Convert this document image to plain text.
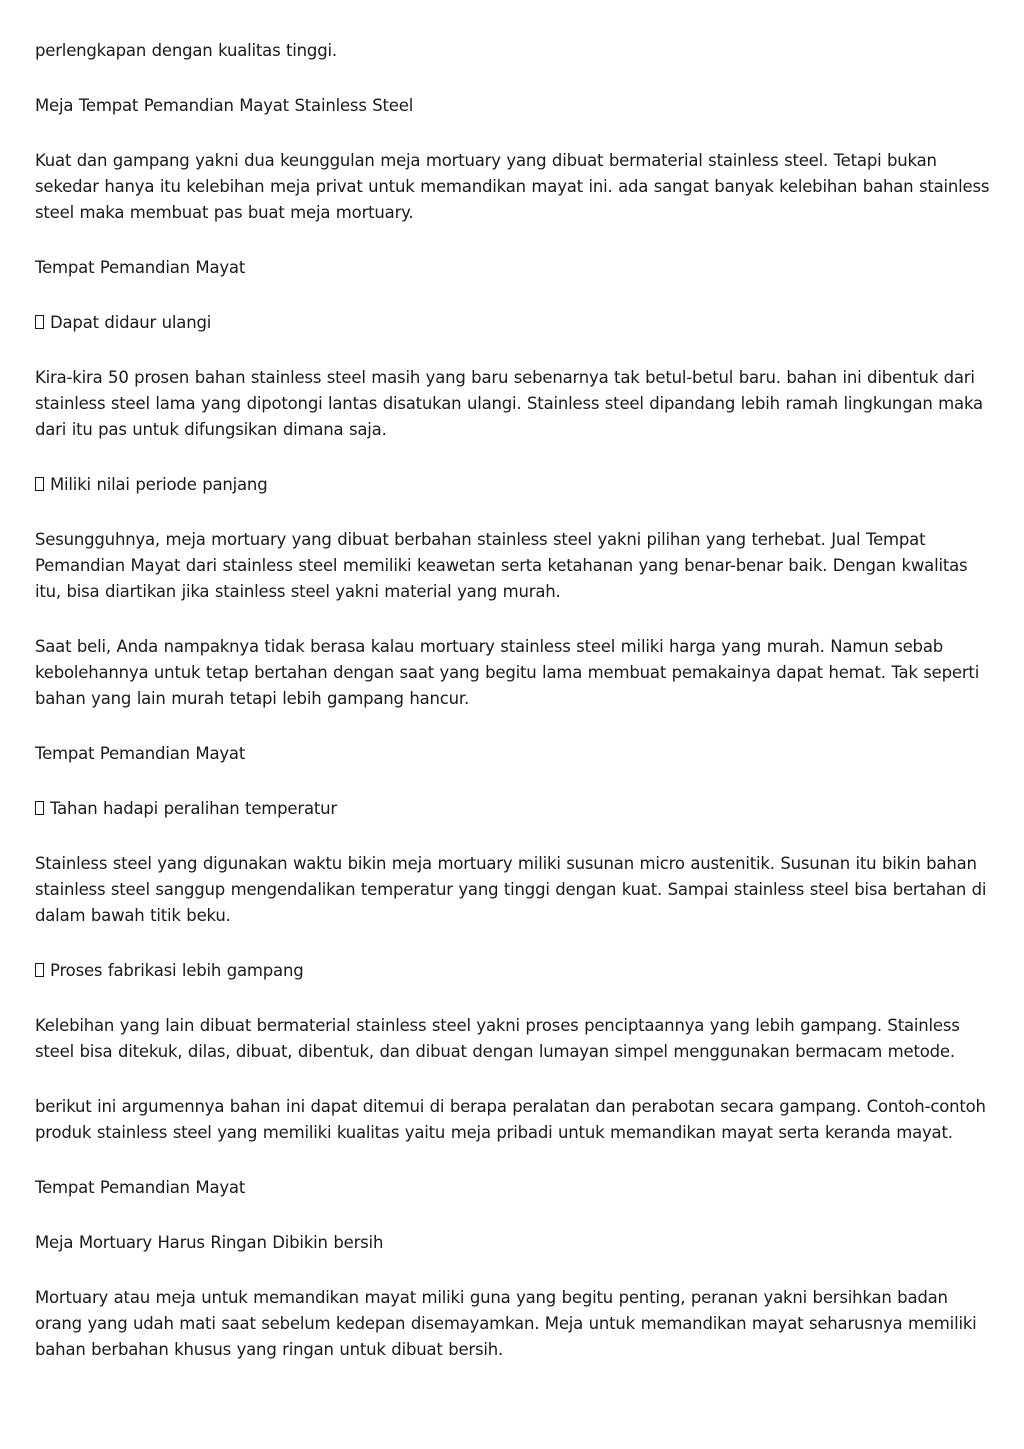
perlengkapan dengan kualitas tinggi.

Meja Tempat Pemandian Mayat Stainless Steel

Kuat dan gampang yakni dua keunggulan meja mortuary yang dibuat bermaterial stainless steel. Tetapi bukan sekedar hanya itu kelebihan meja privat untuk memandikan mayat ini. ada sangat banyak kelebihan bahan stainless steel maka membuat pas buat meja mortuary.

Tempat Pemandian Mayat

Dapat didaur ulangi

Kira-kira 50 prosen bahan stainless steel masih yang baru sebenarnya tak betul-betul baru. bahan ini dibentuk dari stainless steel lama yang dipotongi lantas disatukan ulangi. Stainless steel dipandang lebih ramah lingkungan maka dari itu pas untuk difungsikan dimana saja.

Miliki nilai periode panjang

Sesungguhnya, meja mortuary yang dibuat berbahan stainless steel yakni pilihan yang terhebat. Jual Tempat Pemandian Mayat dari stainless steel memiliki keawetan serta ketahanan yang benar-benar baik. Dengan kwalitas itu, bisa diartikan jika stainless steel yakni material yang murah.

Saat beli, Anda nampaknya tidak berasa kalau mortuary stainless steel miliki harga yang murah. Namun sebab kebolehannya untuk tetap bertahan dengan saat yang begitu lama membuat pemakainya dapat hemat. Tak seperti bahan yang lain murah tetapi lebih gampang hancur.

Tempat Pemandian Mayat

Tahan hadapi peralihan temperatur

Stainless steel yang digunakan waktu bikin meja mortuary miliki susunan micro austenitik. Susunan itu bikin bahan stainless steel sanggup mengendalikan temperatur yang tinggi dengan kuat. Sampai stainless steel bisa bertahan di dalam bawah titik beku.

Proses fabrikasi lebih gampang

Kelebihan yang lain dibuat bermaterial stainless steel yakni proses penciptaannya yang lebih gampang. Stainless steel bisa ditekuk, dilas, dibuat, dibentuk, dan dibuat dengan lumayan simpel menggunakan bermacam metode.

berikut ini argumennya bahan ini dapat ditemui di berapa peralatan dan perabotan secara gampang. Contoh-contoh produk stainless steel yang memiliki kualitas yaitu meja pribadi untuk memandikan mayat serta keranda mayat.

Tempat Pemandian Mayat

Meja Mortuary Harus Ringan Dibikin bersih

Mortuary atau meja untuk memandikan mayat miliki guna yang begitu penting, peranan yakni bersihkan badan orang yang udah mati saat sebelum kedepan disemayamkan. Meja untuk memandikan mayat seharusnya memiliki bahan berbahan khusus yang ringan untuk dibuat bersih.
